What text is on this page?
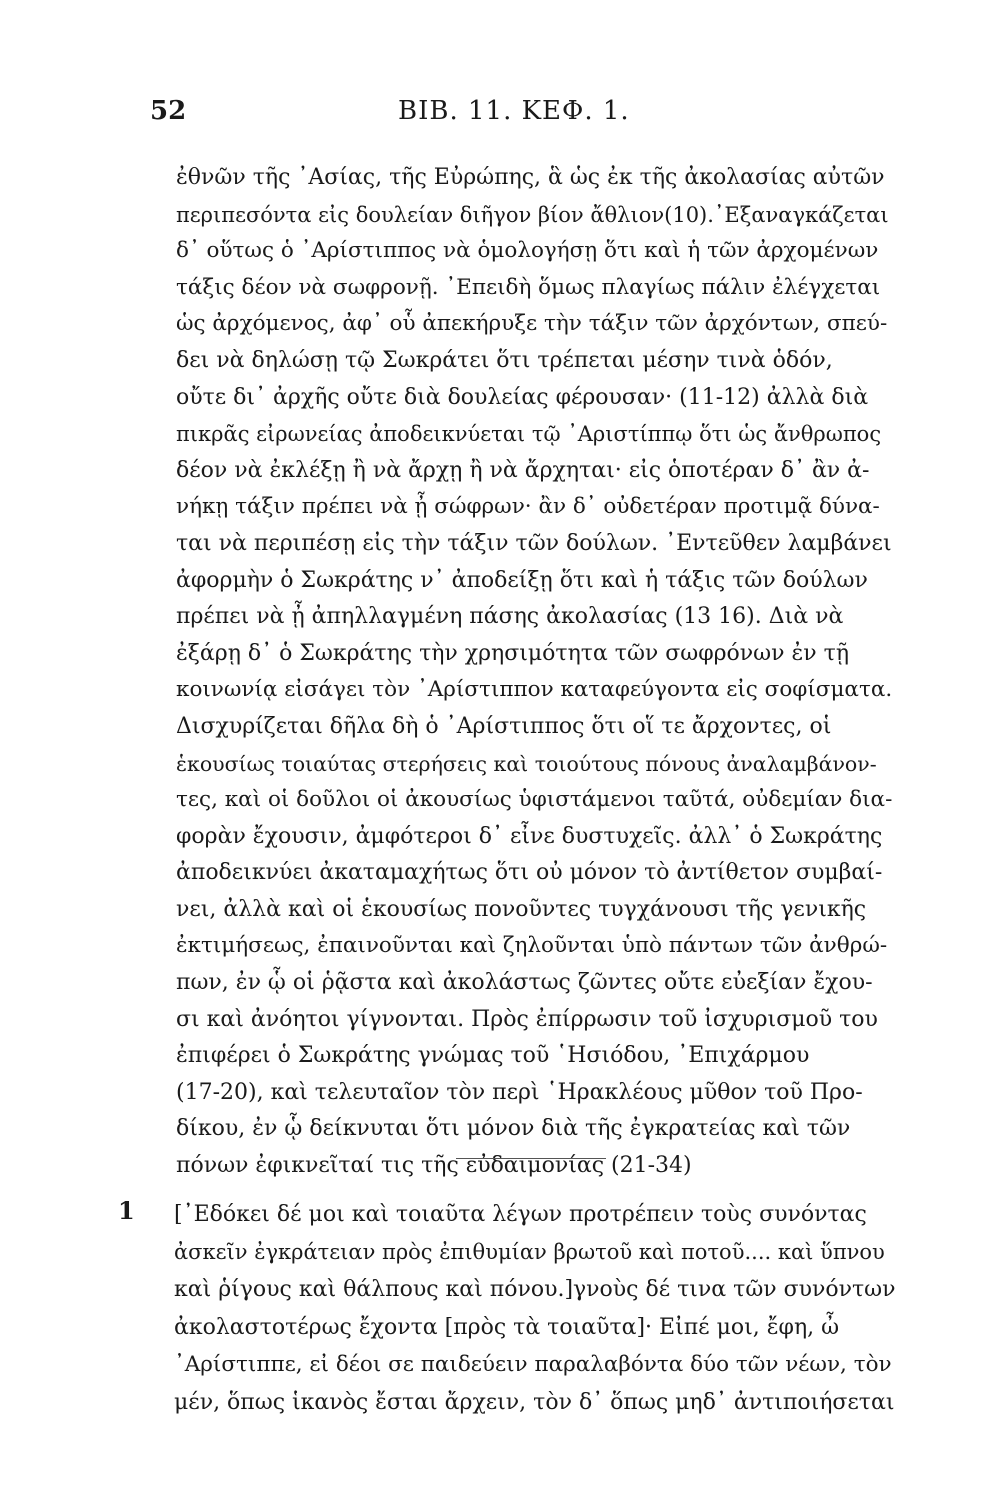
52	ΒΙΒ. 11. ΚΕΦ. 1.
ἐθνῶν τῆς ᾿Ασίας, τῆς Εὐρώπης, ἃ ὡς ἐκ τῆς ἀκολασίας αὐτῶν
περιπεσόντα εἰς δουλείαν διῆγον βίον ἄθλιον(10).᾿Εξαναγκάζεται
δ᾿ οὕτως ὁ ᾿Αρίστιππος νὰ ὁμολογήσῃ ὅτι καὶ ἡ τῶν ἀρχομένων
τάξις δέον νὰ σωφρονῇ. ᾿Επειδὴ ὅμως πλαγίως πάλιν ἐλέγχεται
ὡς ἀρχόμενος, ἀφ᾿ οὗ ἀπεκήρυξε τὴν τάξιν τῶν ἀρχόντων, σπεύ-
δει νὰ δηλώσῃ τῷ Σωκράτει ὅτι τρέπεται μέσην τινὰ ὁδόν,
οὔτε δι᾿ ἀρχῆς οὔτε διὰ δουλείας φέρουσαν· (11-12) ἀλλὰ διὰ
πικρᾶς εἰρωνείας ἀποδεικνύεται τῷ ᾿Αριστίππῳ ὅτι ὡς ἄνθρωπος
δέον νὰ ἐκλέξῃ ἢ νὰ ἄρχῃ ἢ νὰ ἄρχηται· εἰς ὁποτέραν δ᾿ ἂν ἀ-
νήκῃ τάξιν πρέπει νὰ ᾖ σώφρων· ἂν δ᾿ οὐδετέραν προτιμᾷ δύνα-
ται νὰ περιπέσῃ εἰς τὴν τάξιν τῶν δούλων. ᾿Εντεῦθεν λαμβάνει
ἀφορμὴν ὁ Σωκράτης ν᾿ ἀποδείξῃ ὅτι καὶ ἡ τάξις τῶν δούλων
πρέπει νὰ ᾖ ἀπηλλαγμένη πάσης ἀκολασίας (13 16). Διὰ νὰ
ἐξάρῃ δ᾿ ὁ Σωκράτης τὴν χρησιμότητα τῶν σωφρόνων ἐν τῇ
κοινωνίᾳ εἰσάγει τὸν ᾿Αρίστιππον καταφεύγοντα εἰς σοφίσματα.
Δισχυρίζεται δῆλα δὴ ὁ ᾿Αρίστιππος ὅτι οἵ τε ἄρχοντες, οἱ
ἑκουσίως τοιαύτας στερήσεις καὶ τοιούτους πόνους ἀναλαμβάνον-
τες, καὶ οἱ δοῦλοι οἱ ἀκουσίως ὑφιστάμενοι ταῦτά, οὐδεμίαν δια-
φορὰν ἔχουσιν, ἀμφότεροι δ᾿ εἶνε δυστυχεῖς. ἀλλ᾿ ὁ Σωκράτης
ἀποδεικνύει ἀκαταμαχήτως ὅτι οὐ μόνον τὸ ἀντίθετον συμβαί-
νει, ἀλλὰ καὶ οἱ ἑκουσίως πονοῦντες τυγχάνουσι τῆς γενικῆς
ἐκτιμήσεως, ἐπαινοῦνται καὶ ζηλοῦνται ὑπὸ πάντων τῶν ἀνθρώ-
πων, ἐν ᾧ οἱ ῥᾷστα καὶ ἀκολάστως ζῶντες οὔτε εὐεξίαν ἔχου-
σι καὶ ἀνόητοι γίγνονται. Πρὸς ἐπίρρωσιν τοῦ ἰσχυρισμοῦ του
ἐπιφέρει ὁ Σωκράτης γνώμας τοῦ ῾Ησιόδου, ᾿Επιχάρμου
(17-20), καὶ τελευταῖον τὸν περὶ ῾Ηρακλέους μῦθον τοῦ Προ-
δίκου, ἐν ᾧ δείκνυται ὅτι μόνον διὰ τῆς ἐγκρατείας καὶ τῶν
πόνων ἐφικνεῖταί τις τῆς εὐδαιμονίας (21-34)
1 [᾿Εδόκει δέ μοι καὶ τοιαῦτα λέγων προτρέπειν τοὺς συνόντας
ἀσκεῖν ἐγκράτειαν πρὸς ἐπιθυμίαν βρωτοῦ καὶ ποτοῦ.... καὶ ὕπνου
καὶ ῥίγους καὶ θάλπους καὶ πόνου.]γνοὺς δέ τινα τῶν συνόντων
ἀκολαστοτέρως ἔχοντα [πρὸς τὰ τοιαῦτα]· Εἰπέ μοι, ἔφη, ὦ
᾿Αρίστιππε, εἰ δέοι σε παιδεύειν παραλαβόντα δύο τῶν νέων, τὸν
μέν, ὅπως ἱκανὸς ἔσται ἄρχειν, τὸν δ᾿ ὅπως μηδ᾿ ἀντιποιήσεται
